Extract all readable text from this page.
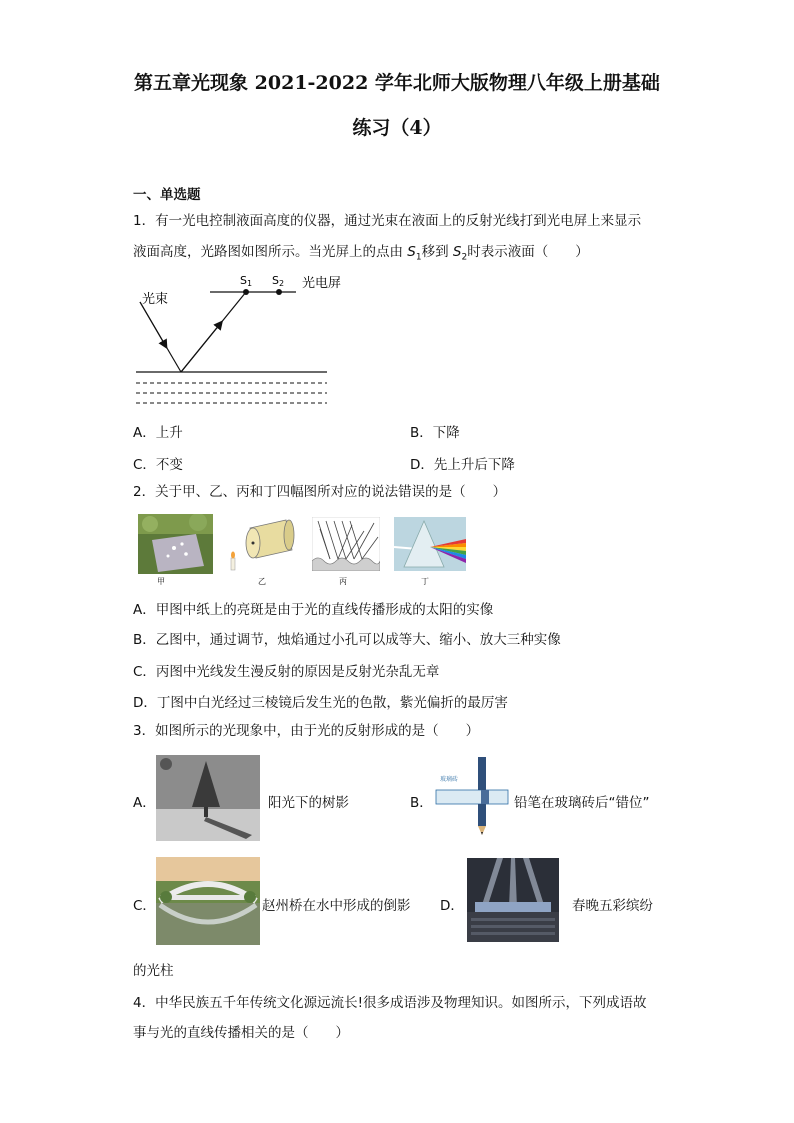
第五章光现象 2021-2022 学年北师大版物理八年级上册基础
练习（4）
一、单选题
1．有一光电控制液面高度的仪器，通过光束在液面上的反射光线打到光电屏上来显示
液面高度，光路图如图所示。当光屏上的点由 $S_1$移到 $S_2$时表示液面（　　）
S1 S2 光电屏
光束
A．上升	B．下降
C．不变	D．先上升后下降
2．关于甲、乙、丙和丁四幅图所对应的说法错误的是（　　）
甲	乙	丙	丁
A．甲图中纸上的亮斑是由于光的直线传播形成的太阳的实像
B．乙图中，通过调节，烛焰通过小孔可以成等大、缩小、放大三种实像
C．丙图中光线发生漫反射的原因是反射光杂乱无章
D．丁图中白光经过三棱镜后发生光的色散，紫光偏折的最厉害
3．如图所示的光现象中，由于光的反射形成的是（　　）
A．	阳光下的树影	B．
玻璃砖
铅笔在玻璃砖后“错位”
C．	赵州桥在水中形成的倒影 D．	春晚五彩缤纷
的光柱
4．中华民族五千年传统文化源远流长!很多成语涉及物理知识。如图所示，下列成语故
事与光的直线传播相关的是（　　）
